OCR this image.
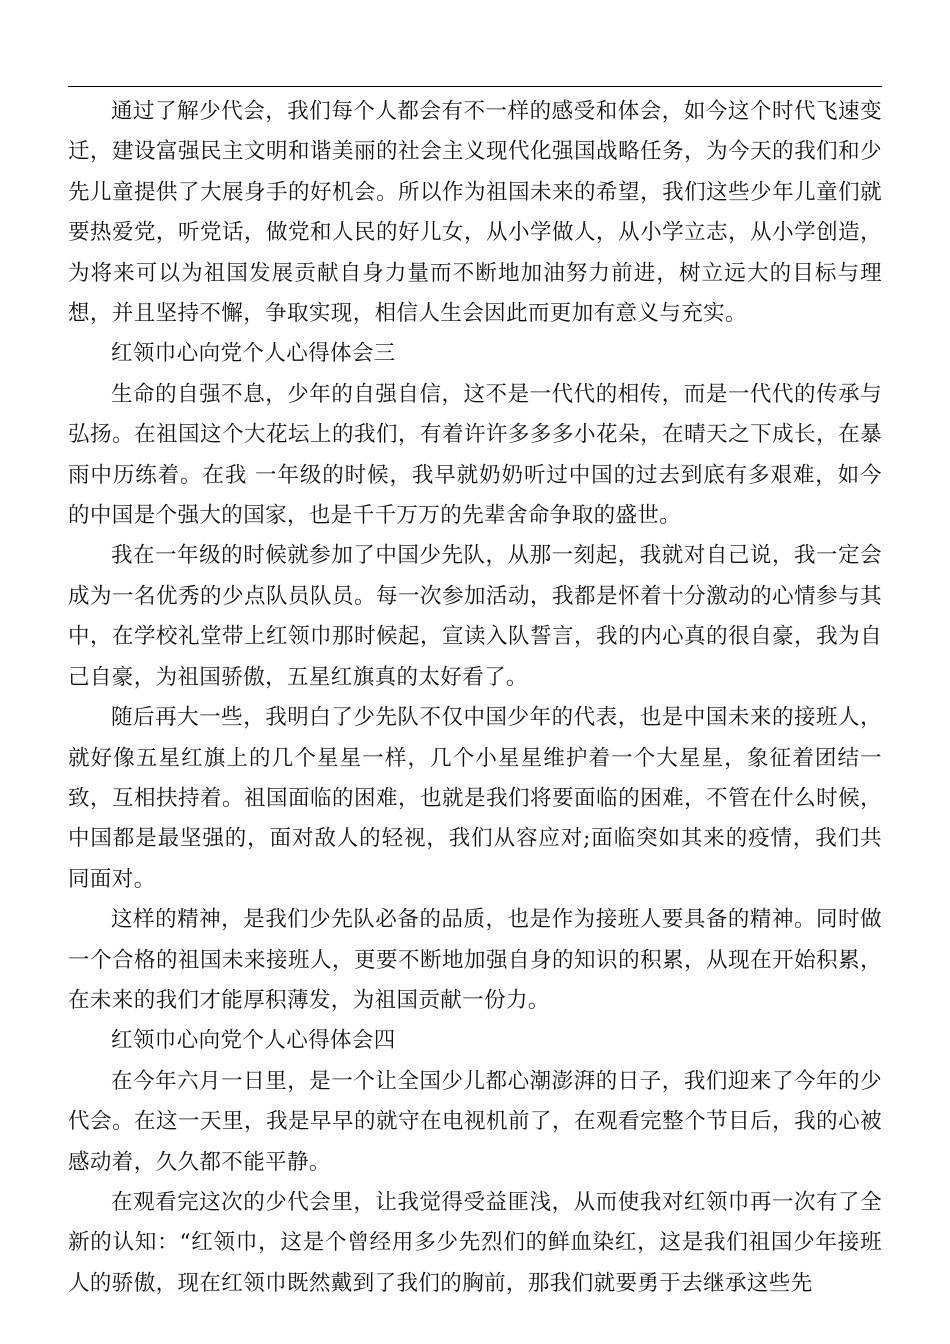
通过了解少代会，我们每个人都会有不一样的感受和体会，如今这个时代飞速变迁，建设富强民主文明和谐美丽的社会主义现代化强国战略任务，为今天的我们和少先儿童提供了大展身手的好机会。所以作为祖国未来的希望，我们这些少年儿童们就要热爱党，听党话，做党和人民的好儿女，从小学做人，从小学立志，从小学创造，为将来可以为祖国发展贡献自身力量而不断地加油努力前进，树立远大的目标与理想，并且坚持不懈，争取实现，相信人生会因此而更加有意义与充实。

红领巾心向党个人心得体会三

生命的自强不息，少年的自强自信，这不是一代代的相传，而是一代代的传承与弘扬。在祖国这个大花坛上的我们，有着许许多多多小花朵，在晴天之下成长，在暴雨中历练着。在我 一年级的时候，我早就奶奶听过中国的过去到底有多艰难，如今的中国是个强大的国家，也是千千万万的先辈舍命争取的盛世。

我在一年级的时候就参加了中国少先队，从那一刻起，我就对自己说，我一定会成为一名优秀的少点队员队员。每一次参加活动，我都是怀着十分激动的心情参与其中，在学校礼堂带上红领巾那时候起，宣读入队誓言，我的内心真的很自豪，我为自己自豪，为祖国骄傲，五星红旗真的太好看了。

随后再大一些，我明白了少先队不仅中国少年的代表，也是中国未来的接班人，就好像五星红旗上的几个星星一样，几个小星星维护着一个大星星，象征着团结一致，互相扶持着。祖国面临的困难，也就是我们将要面临的困难，不管在什么时候，中国都是最坚强的，面对敌人的轻视，我们从容应对;面临突如其来的疫情，我们共同面对。

这样的精神，是我们少先队必备的品质，也是作为接班人要具备的精神。同时做一个合格的祖国未来接班人，更要不断地加强自身的知识的积累，从现在开始积累，在未来的我们才能厚积薄发，为祖国贡献一份力。

红领巾心向党个人心得体会四

在今年六月一日里，是一个让全国少儿都心潮澎湃的日子，我们迎来了今年的少代会。在这一天里，我是早早的就守在电视机前了，在观看完整个节目后，我的心被感动着，久久都不能平静。

在观看完这次的少代会里，让我觉得受益匪浅，从而使我对红领巾再一次有了全新的认知：“红领巾，这是个曾经用多少先烈们的鲜血染红，这是我们祖国少年接班人的骄傲，现在红领巾既然戴到了我们的胸前，那我们就要勇于去继承这些先
